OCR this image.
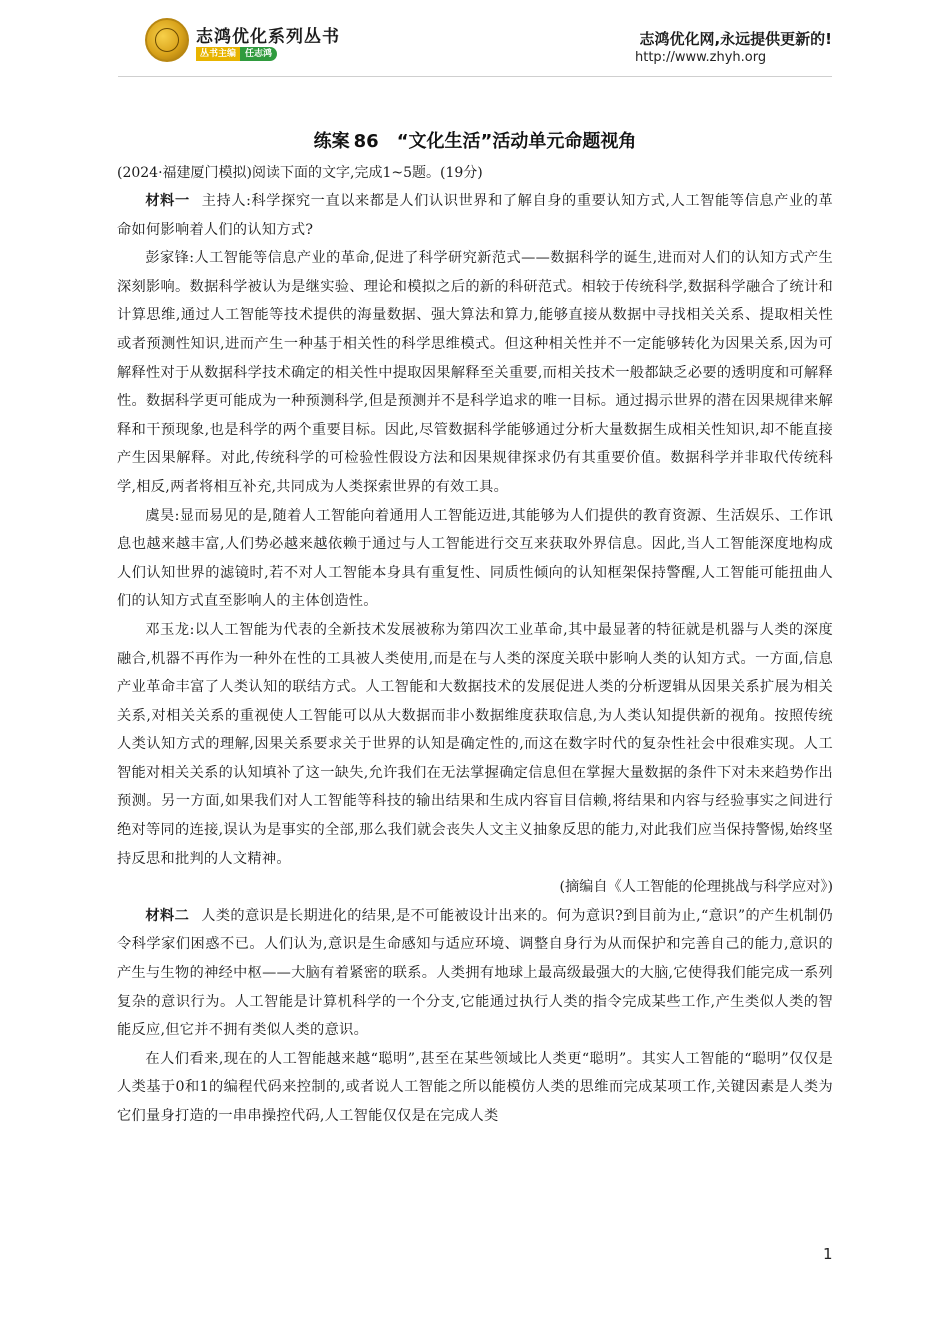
志鸿优化系列丛书
丛书主编 任志鸿
志鸿优化网,永远提供更新的!
http://www.zhyh.org
练案 86 “文化生活”活动单元命题视角

(2024·福建厦门模拟)阅读下面的文字,完成1~5题。(19分)

材料一 主持人:科学探究一直以来都是人们认识世界和了解自身的重要认知方式,人工智能等信息产业的革命如何影响着人们的认知方式?

彭家锋:人工智能等信息产业的革命,促进了科学研究新范式——数据科学的诞生,进而对人们的认知方式产生深刻影响。数据科学被认为是继实验、理论和模拟之后的新的科研范式。相较于传统科学,数据科学融合了统计和计算思维,通过人工智能等技术提供的海量数据、强大算法和算力,能够直接从数据中寻找相关关系、提取相关性或者预测性知识,进而产生一种基于相关性的科学思维模式。但这种相关性并不一定能够转化为因果关系,因为可解释性对于从数据科学技术确定的相关性中提取因果解释至关重要,而相关技术一般都缺乏必要的透明度和可解释性。数据科学更可能成为一种预测科学,但是预测并不是科学追求的唯一目标。通过揭示世界的潜在因果规律来解释和干预现象,也是科学的两个重要目标。因此,尽管数据科学能够通过分析大量数据生成相关性知识,却不能直接产生因果解释。对此,传统科学的可检验性假设方法和因果规律探求仍有其重要价值。数据科学并非取代传统科学,相反,两者将相互补充,共同成为人类探索世界的有效工具。

虞昊:显而易见的是,随着人工智能向着通用人工智能迈进,其能够为人们提供的教育资源、生活娱乐、工作讯息也越来越丰富,人们势必越来越依赖于通过与人工智能进行交互来获取外界信息。因此,当人工智能深度地构成人们认知世界的滤镜时,若不对人工智能本身具有重复性、同质性倾向的认知框架保持警醒,人工智能可能扭曲人们的认知方式直至影响人的主体创造性。

邓玉龙:以人工智能为代表的全新技术发展被称为第四次工业革命,其中最显著的特征就是机器与人类的深度融合,机器不再作为一种外在性的工具被人类使用,而是在与人类的深度关联中影响人类的认知方式。一方面,信息产业革命丰富了人类认知的联结方式。人工智能和大数据技术的发展促进人类的分析逻辑从因果关系扩展为相关关系,对相关关系的重视使人工智能可以从大数据而非小数据维度获取信息,为人类认知提供新的视角。按照传统人类认知方式的理解,因果关系要求关于世界的认知是确定性的,而这在数字时代的复杂性社会中很难实现。人工智能对相关关系的认知填补了这一缺失,允许我们在无法掌握确定信息但在掌握大量数据的条件下对未来趋势作出预测。另一方面,如果我们对人工智能等科技的输出结果和生成内容盲目信赖,将结果和内容与经验事实之间进行绝对等同的连接,误认为是事实的全部,那么我们就会丧失人文主义抽象反思的能力,对此我们应当保持警惕,始终坚持反思和批判的人文精神。

(摘编自《人工智能的伦理挑战与科学应对》)

材料二 人类的意识是长期进化的结果,是不可能被设计出来的。何为意识?到目前为止,“意识”的产生机制仍令科学家们困惑不已。人们认为,意识是生命感知与适应环境、调整自身行为从而保护和完善自己的能力,意识的产生与生物的神经中枢——大脑有着紧密的联系。人类拥有地球上最高级最强大的大脑,它使得我们能完成一系列复杂的意识行为。人工智能是计算机科学的一个分支,它能通过执行人类的指令完成某些工作,产生类似人类的智能反应,但它并不拥有类似人类的意识。

在人们看来,现在的人工智能越来越“聪明”,甚至在某些领域比人类更“聪明”。其实人工智能的“聪明”仅仅是人类基于0和1的编程代码来控制的,或者说人工智能之所以能模仿人类的思维而完成某项工作,关键因素是人类为它们量身打造的一串串操控代码,人工智能仅仅是在完成人类

1
